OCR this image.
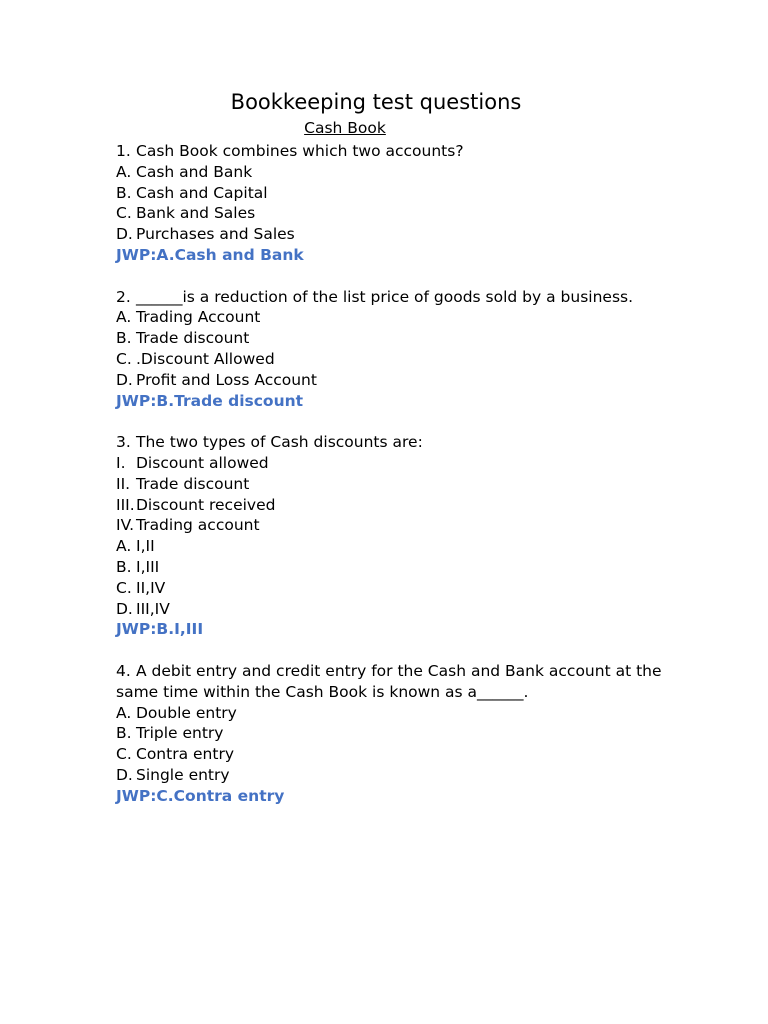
Bookkeeping test questions
Cash Book
1. Cash Book combines which two accounts?
A. Cash and Bank
B. Cash and Capital
C. Bank and Sales
D. Purchases and Sales
JWP:A.Cash and Bank
2. ______is a reduction of the list price of goods sold by a business.
A. Trading Account
B. Trade discount
C. .Discount Allowed
D. Profit and Loss Account
JWP:B.Trade discount
3. The two types of Cash discounts are:
I. Discount allowed
II. Trade discount
III. Discount received
IV. Trading account
A. I,II
B. I,III
C. II,IV
D. III,IV
JWP:B.I,III
4. A debit entry and credit entry for the Cash and Bank account at the
same time within the Cash Book is known as a______.
A. Double entry
B. Triple entry
C. Contra entry
D. Single entry
JWP:C.Contra entry
